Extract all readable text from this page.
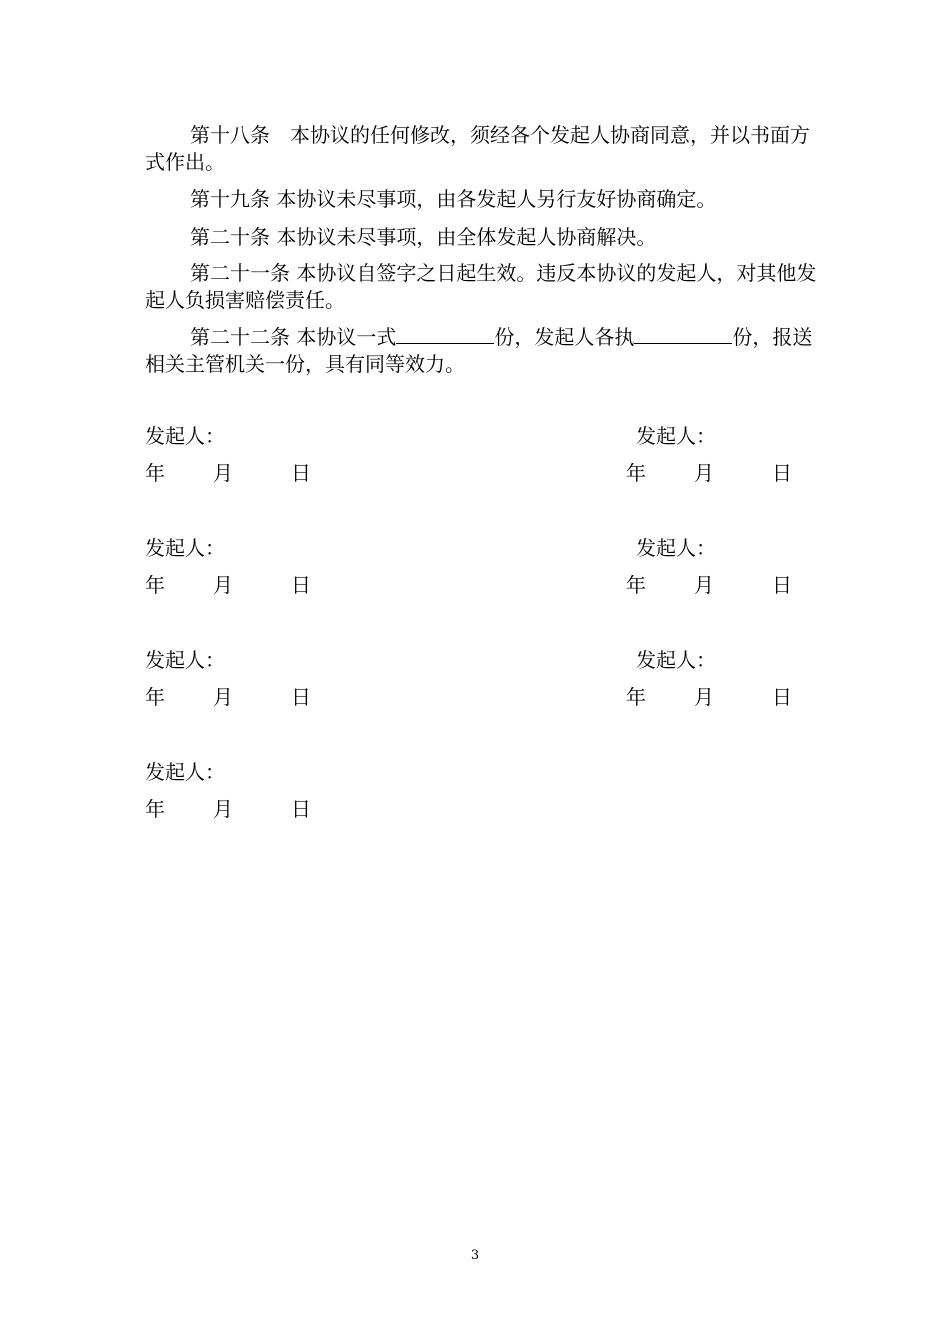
第十八条　本协议的任何修改，须经各个发起人协商同意，并以书面方式作出。

第十九条 本协议未尽事项，由各发起人另行友好协商确定。

第二十条 本协议未尽事项，由全体发起人协商解决。

第二十一条 本协议自签字之日起生效。违反本协议的发起人，对其他发起人负损害赔偿责任。

第二十二条 本协议一式	份，发起人各执	份，报送相关主管机关一份，具有同等效力。

发起人：	发起人：
年 月	日	年 月	日
发起人：	发起人：
年 月	日	年 月	日
发起人：	发起人：
年 月	日	年 月	日
发起人：
年 月	日
3
